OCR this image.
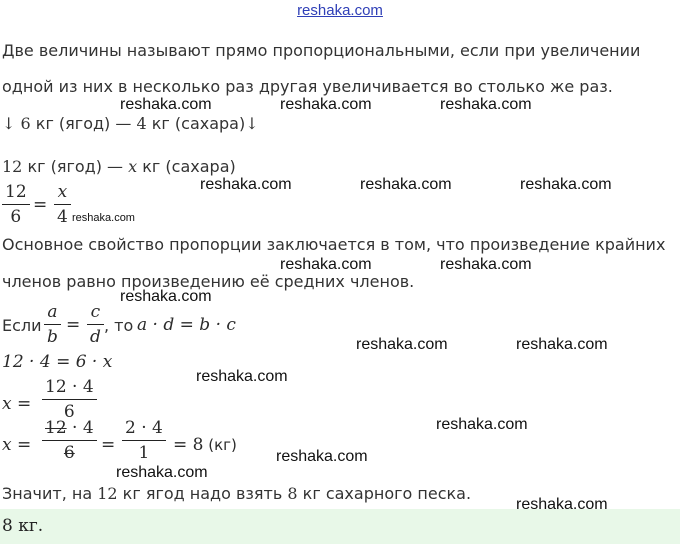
reshaka.com
Две величины называют прямо пропорциональными, если при увеличении
одной из них в несколько раз другая увеличивается во столько же раз.
↓ 6 кг (ягод) — 4 кг (сахара)↓
12 кг (ягод) — x кг (сахара)
12
6
=
x
4
Основное свойство пропорции заключается в том, что произведение крайних
членов равно произведению её средних членов.
Если
a
b
=
c
d
, то a · d = b · c
12 · 4 = 6 · x
x =
12 · 4
6
x =
12 · 4
6	=
2 · 4
1	= 8 (кг)
Значит, на 12 кг ягод надо взять 8 кг сахарного песка.
8 кг.
reshaka.com	reshaka.com	reshaka.com
reshaka.com	reshaka.com	reshaka.com
reshaka.com
reshaka.com	reshaka.com
reshaka.com
reshaka.com	reshaka.com
reshaka.com
reshaka.com
reshaka.com
reshaka.com
reshaka.com
